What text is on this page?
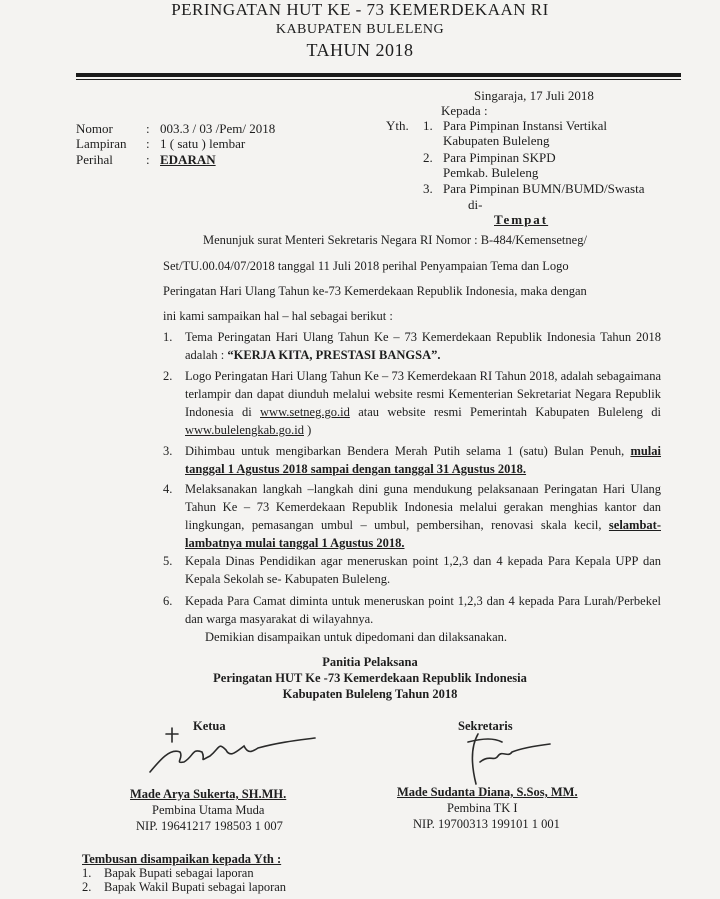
PERINGATAN HUT KE - 73 KEMERDEKAAN RI
KABUPATEN BULELENG
TAHUN 2018
Singaraja, 17 Juli 2018
Kepada :
Nomor	: 003.3 / 03 /Pem/ 2018
Lampiran : 1 ( satu ) lembar
Perihal	: EDARAN
Yth. 1. Para Pimpinan Instansi Vertikal
Kabupaten Buleleng
2. Para Pimpinan SKPD
Pemkab. Buleleng
3. Para Pimpinan BUMN/BUMD/Swasta
di-
Tempat
Menunjuk surat Menteri Sekretaris Negara RI Nomor : B-484/Kemensetneg/
Set/TU.00.04/07/2018 tanggal 11 Juli 2018 perihal Penyampaian Tema dan Logo
Peringatan Hari Ulang Tahun ke-73 Kemerdekaan Republik Indonesia, maka dengan
ini kami sampaikan hal – hal sebagai berikut :
1.	Tema Peringatan Hari Ulang Tahun Ke – 73 Kemerdekaan Republik Indonesia Tahun 2018 adalah : “KERJA KITA, PRESTASI BANGSA”.
2.	Logo Peringatan Hari Ulang Tahun Ke – 73 Kemerdekaan RI Tahun 2018, adalah sebagaimana terlampir dan dapat diunduh melalui website resmi Kementerian Sekretariat Negara Republik Indonesia di www.setneg.go.id atau website resmi Pemerintah Kabupaten Buleleng di www.bulelengkab.go.id )
3.	Dihimbau untuk mengibarkan Bendera Merah Putih selama 1 (satu) Bulan Penuh, mulai tanggal 1 Agustus 2018 sampai dengan tanggal 31 Agustus 2018.
4.	Melaksanakan langkah –langkah dini guna mendukung pelaksanaan Peringatan Hari Ulang Tahun Ke – 73 Kemerdekaan Republik Indonesia melalui gerakan menghias kantor dan lingkungan, pemasangan umbul – umbul, pembersihan, renovasi skala kecil, selambat-lambatnya mulai tanggal 1 Agustus 2018.
5.	Kepala Dinas Pendidikan agar meneruskan point 1,2,3 dan 4 kepada Para Kepala UPP dan Kepala Sekolah se- Kabupaten Buleleng.
6.	Kepada Para Camat diminta untuk meneruskan point 1,2,3 dan 4 kepada Para Lurah/Perbekel dan warga masyarakat di wilayahnya.
Demikian disampaikan untuk dipedomani dan dilaksanakan.
Panitia Pelaksana
Peringatan HUT Ke -73 Kemerdekaan Republik Indonesia
Kabupaten Buleleng Tahun 2018
Ketua
Made Arya Sukerta, SH.MH.
Pembina Utama Muda
NIP. 19641217 198503 1 007
Sekretaris
Made Sudanta Diana, S.Sos, MM.
Pembina TK I
NIP. 19700313 199101 1 001
Tembusan disampaikan kepada Yth :
1. Bapak Bupati sebagai laporan
2. Bapak Wakil Bupati sebagai laporan
